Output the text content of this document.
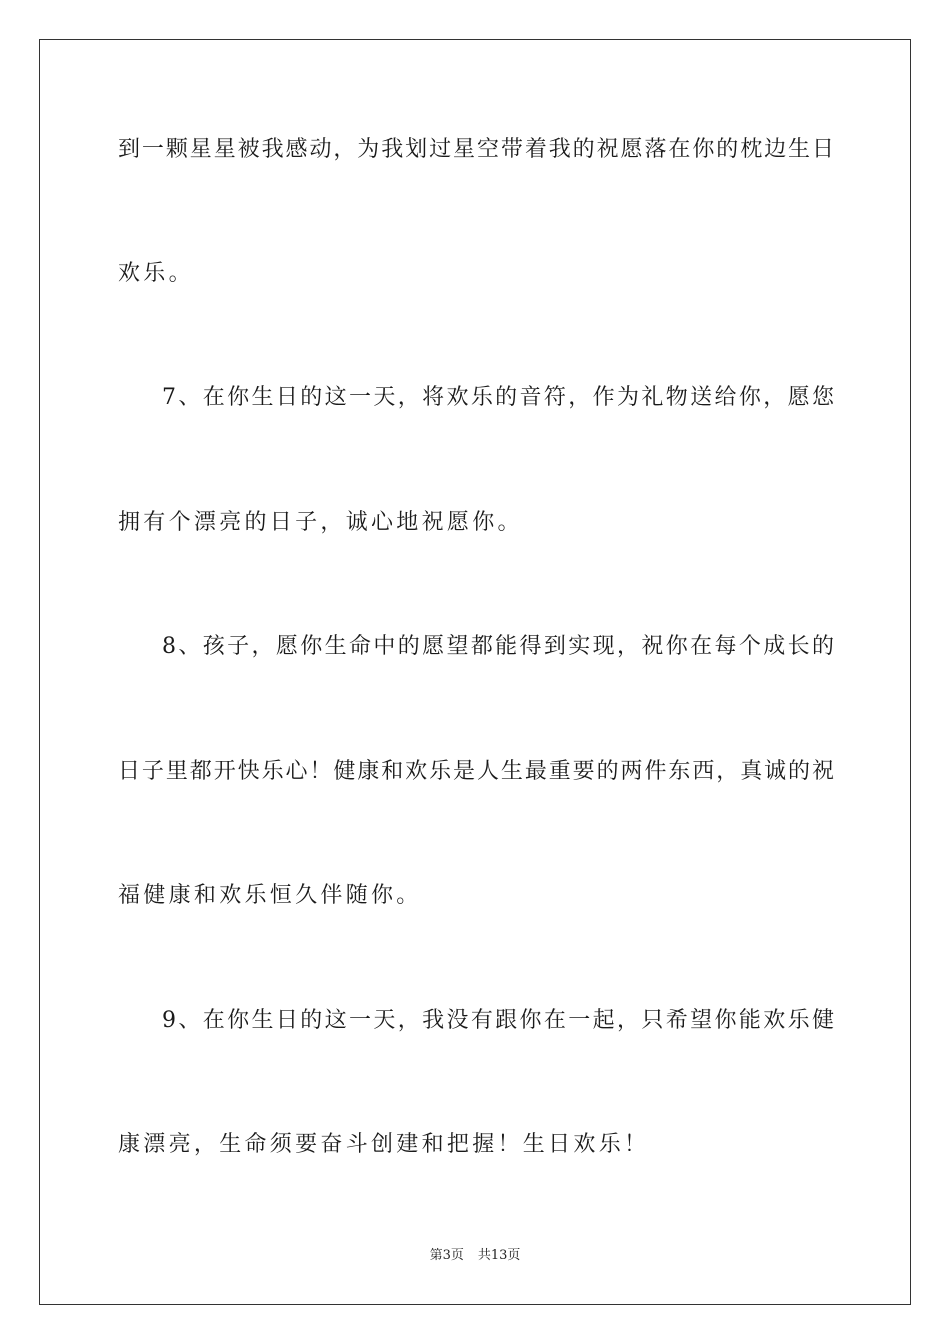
到一颗星星被我感动，为我划过星空带着我的祝愿落在你的枕边生日
欢乐。
7、在你生日的这一天，将欢乐的音符，作为礼物送给你，愿您
拥有个漂亮的日子，诚心地祝愿你。
8、孩子，愿你生命中的愿望都能得到实现，祝你在每个成长的
日子里都开快乐心！健康和欢乐是人生最重要的两件东西，真诚的祝
福健康和欢乐恒久伴随你。
9、在你生日的这一天，我没有跟你在一起，只希望你能欢乐健
康漂亮，生命须要奋斗创建和把握！生日欢乐！
第3页 共13页
